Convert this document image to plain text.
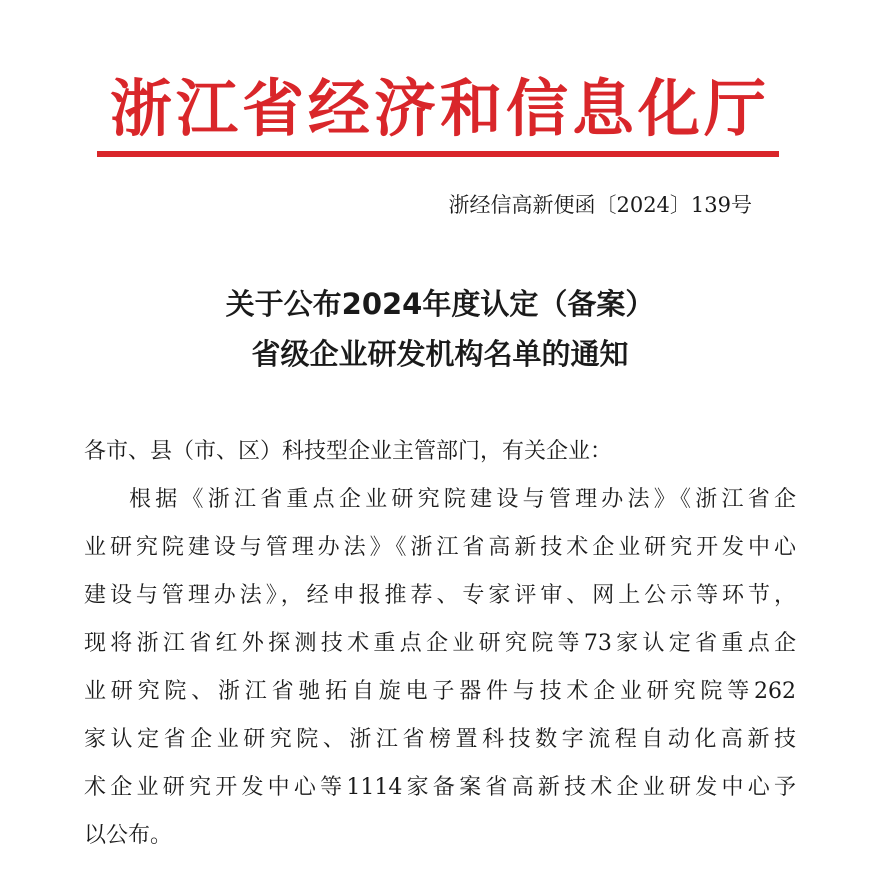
浙江省经济和信息化厅
浙经信高新便函〔2024〕139号
关于公布2024年度认定（备案）
省级企业研发机构名单的通知
各市、县（市、区）科技型企业主管部门，有关企业：
根据《浙江省重点企业研究院建设与管理办法》《浙江省企
业研究院建设与管理办法》《浙江省高新技术企业研究开发中心
建设与管理办法》，经申报推荐、专家评审、网上公示等环节，
现将浙江省红外探测技术重点企业研究院等73家认定省重点企
业研究院、浙江省驰拓自旋电子器件与技术企业研究院等262
家认定省企业研究院、浙江省榜置科技数字流程自动化高新技
术企业研究开发中心等1114家备案省高新技术企业研发中心予
以公布。
